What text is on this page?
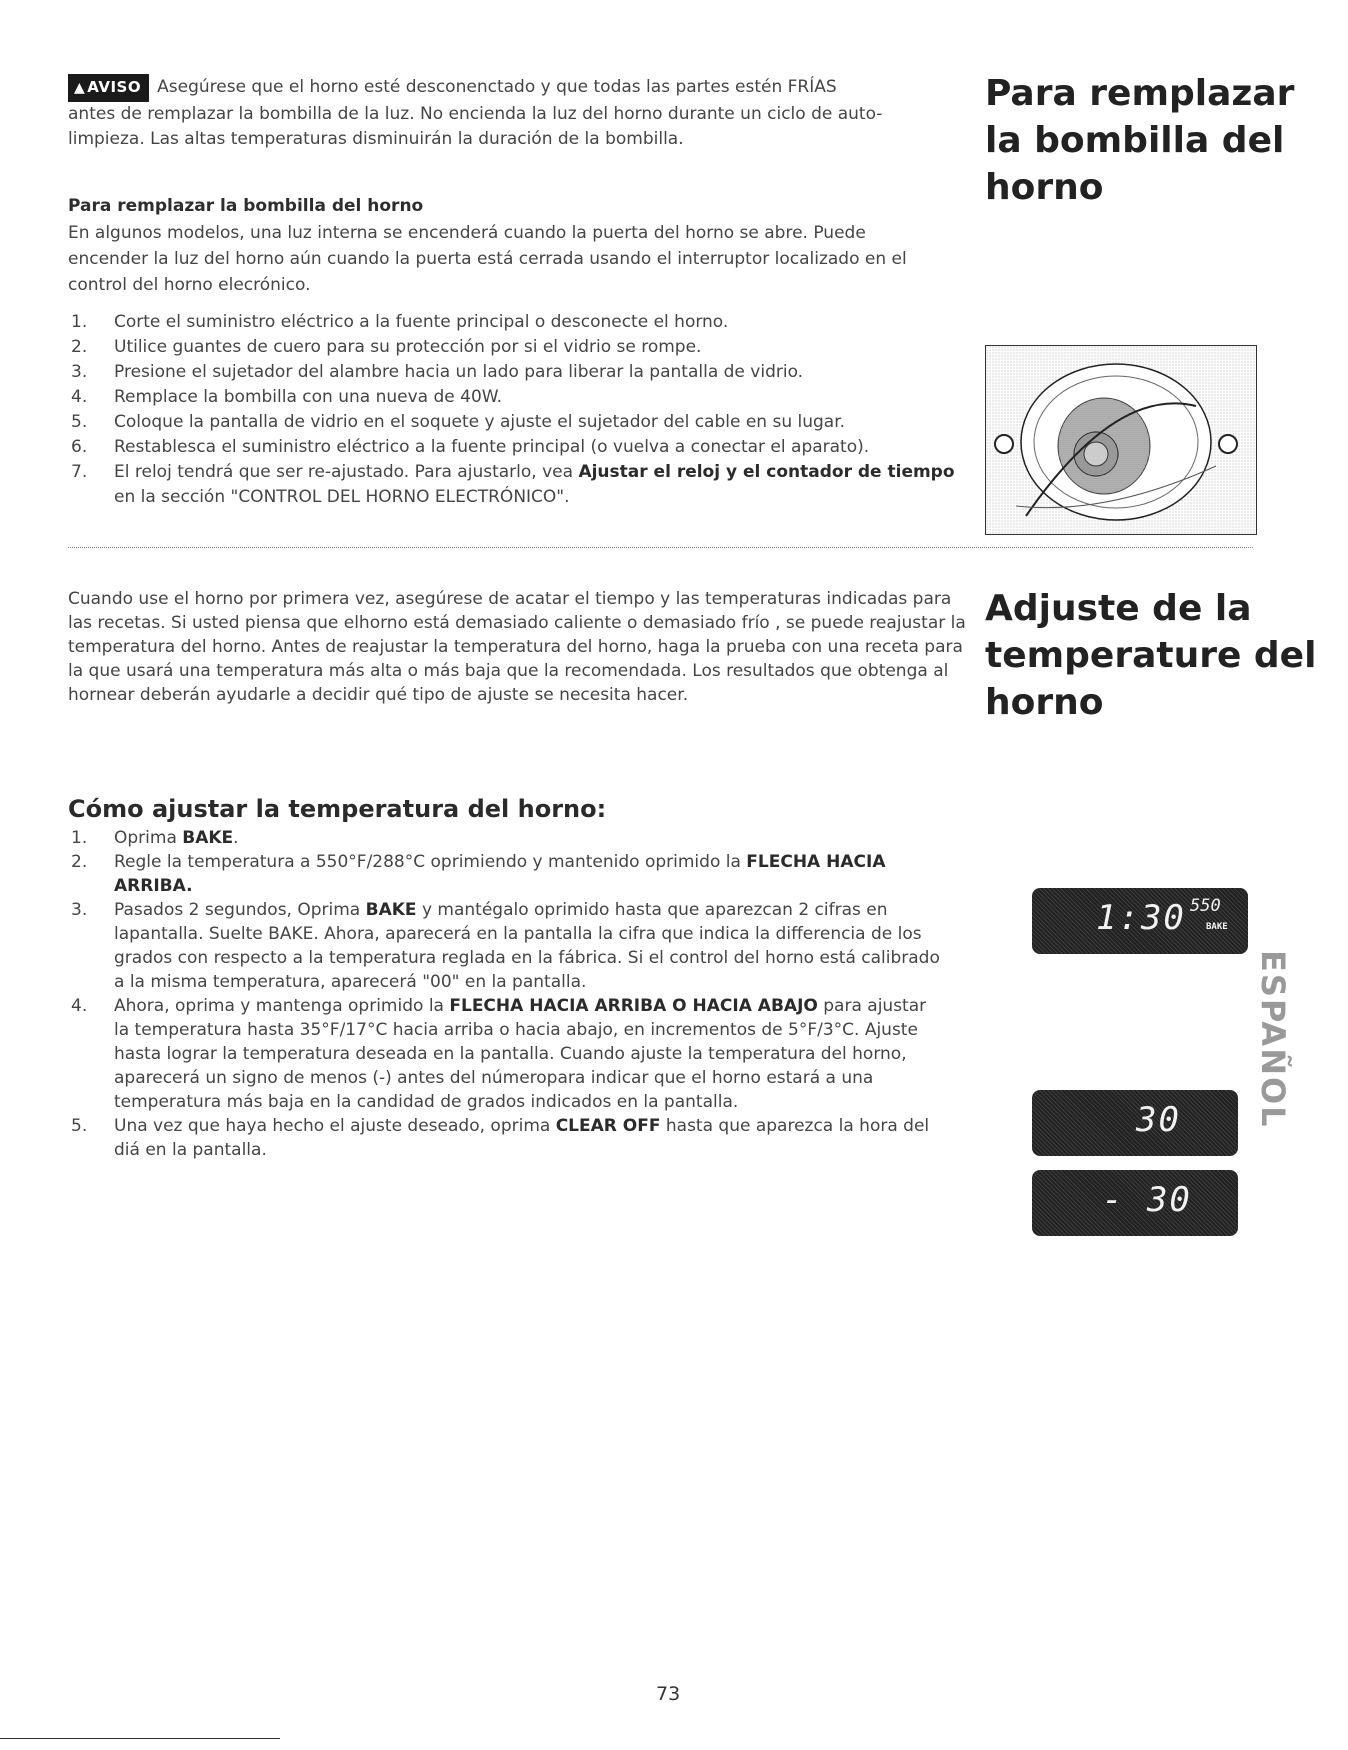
▲ AVISO Asegúrese que el horno esté desconenctado y que todas las partes estén FRÍAS
antes de remplazar la bombilla de la luz. No encienda la luz del horno durante un ciclo de auto-limpieza. Las altas temperaturas disminuirán la duración de la bombilla.
Para remplazar la bombilla del horno
En algunos modelos, una luz interna se encenderá cuando la puerta del horno se abre. Puede encender la luz del horno aún cuando la puerta está cerrada usando el interruptor localizado en el control del horno elecrónico.
1. Corte el suministro eléctrico a la fuente principal o desconecte el horno.
2. Utilice guantes de cuero para su protección por si el vidrio se rompe.
3. Presione el sujetador del alambre hacia un lado para liberar la pantalla de vidrio.
4. Remplace la bombilla con una nueva de 40W.
5. Coloque la pantalla de vidrio en el soquete y ajuste el sujetador del cable en su lugar.
6. Restablesca el suministro eléctrico a la fuente principal (o vuelva a conectar el aparato).
7. El reloj tendrá que ser re-ajustado. Para ajustarlo, vea Ajustar el reloj y el contador de tiempo en la sección "CONTROL DEL HORNO ELECTRÓNICO".
Para remplazar
la bombilla del
horno
Cuando use el horno por primera vez, asegúrese de acatar el tiempo y las temperaturas indicadas para las recetas. Si usted piensa que elhorno está demasiado caliente o demasiado frío , se puede reajustar la temperatura del horno. Antes de reajustar la temperatura del horno, haga la prueba con una receta para la que usará una temperatura más alta o más baja que la recomendada. Los resultados que obtenga al hornear deberán ayudarle a decidir qué tipo de ajuste se necesita hacer.
Adjuste de la
temperature del
horno
Cómo ajustar la temperatura del horno:
1. Oprima BAKE.
2. Regle la temperatura a 550°F/288°C oprimiendo y mantenido oprimido la FLECHA HACIA ARRIBA.
3. Pasados 2 segundos, Oprima BAKE y mantégalo oprimido hasta que aparezcan 2 cifras en lapantalla. Suelte BAKE. Ahora, aparecerá en la pantalla la cifra que indica la differencia de los grados con respecto a la temperatura reglada en la fábrica. Si el control del horno está calibrado a la misma temperatura, aparecerá "00" en la pantalla.
4. Ahora, oprima y mantenga oprimido la FLECHA HACIA ARRIBA O HACIA ABAJO para ajustar la temperatura hasta 35°F/17°C hacia arriba o hacia abajo, en incrementos de 5°F/3°C. Ajuste hasta lograr la temperatura deseada en la pantalla. Cuando ajuste la temperatura del horno, aparecerá un signo de menos (-) antes del númeropara indicar que el horno estará a una temperatura más baja en la candidad de grados indicados en la pantalla.
5. Una vez que haya hecho el ajuste deseado, oprima CLEAR OFF hasta que aparezca la hora del diá en la pantalla.
1:30 550
BAKE
30
- 30
ESPAÑOL
73
